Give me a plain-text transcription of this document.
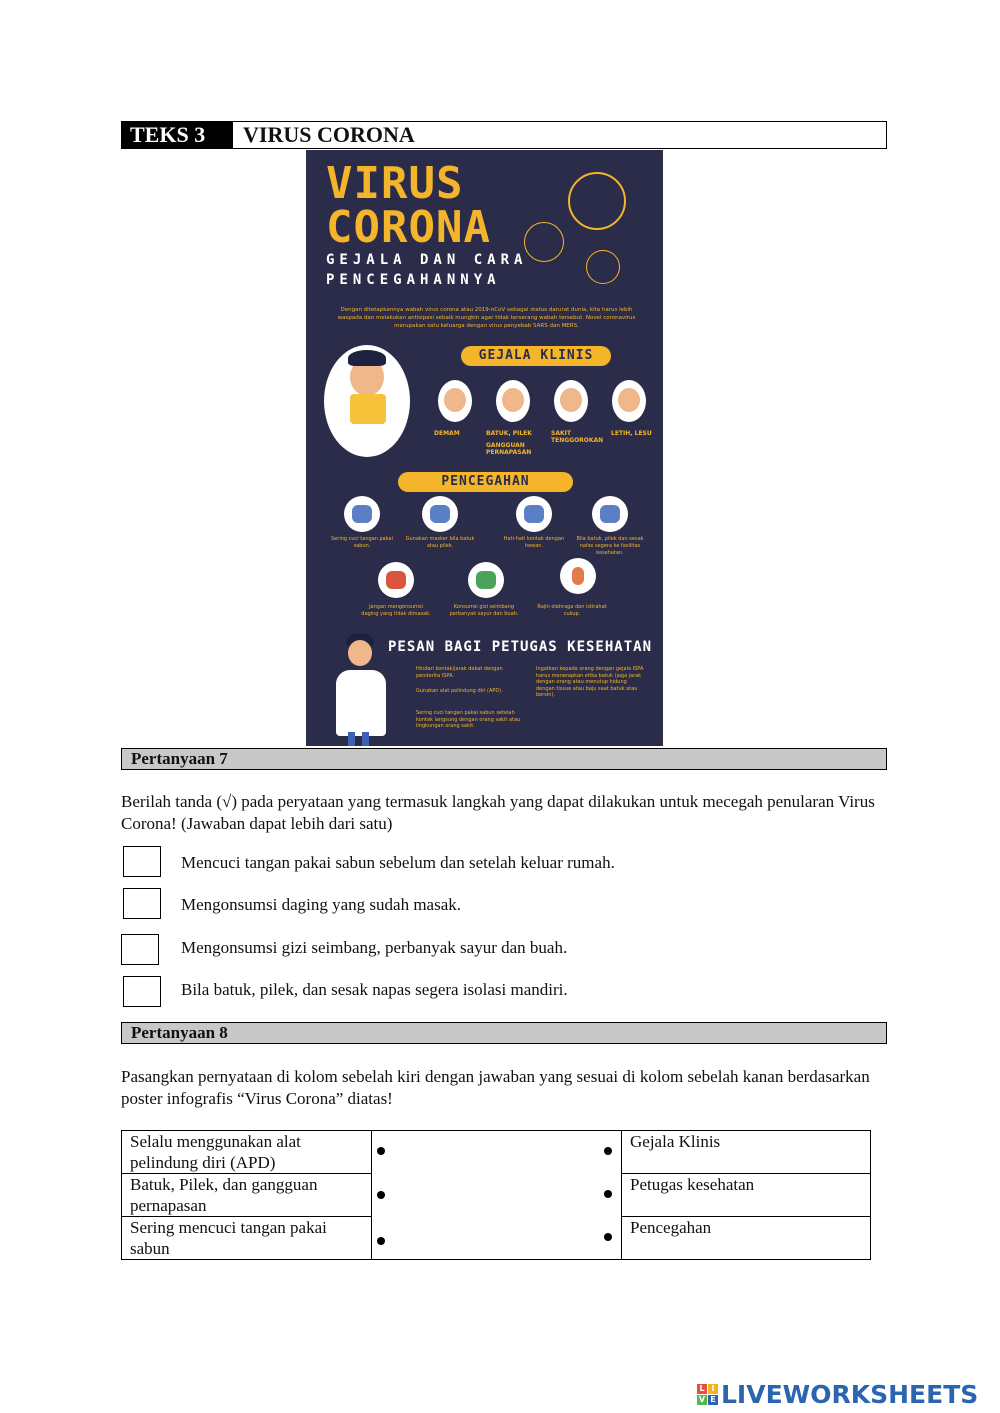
TEKS 3	VIRUS CORONA
VIRUS
CORONA
GEJALA DAN CARA
PENCEGAHANNYA
Dengan ditetapkannya wabah virus corona atau 2019-nCoV sebagai status darurat dunia, kita harus lebih waspada dan melakukan antisipasi sebaik mungkin agar tidak terserang wabah tersebut. Novel coronavirus merupakan satu keluarga dengan virus penyebab SARS dan MERS.
GEJALA KLINIS
DEMAM	BATUK, PILEK
GANGGUAN PERNAPASAN
SAKIT TENGGOROKAN
LETIH, LESU
PENCEGAHAN
Sering cuci tangan pakai sabun.
Gunakan masker bila batuk atau pilek.
Hati-hati kontak dengan hewan.
Bila batuk, pilek dan sesak nafas segera ke fasilitas kesehatan.
Jangan mengonsumsi daging yang tidak dimasak.
Konsumsi gizi seimbang perbanyak sayur dan buah.
Rajin olahraga dan istirahat cukup.
PESAN BAGI PETUGAS KESEHATAN
Hindari kontak/jarak dekat dengan penderita ISPA.
Gunakan alat pelindung diri (APD).
Sering cuci tangan pakai sabun setelah kontak langsung dengan orang sakit atau lingkungan orang sakit.
Ingatkan kepada orang dengan gejala ISPA harus menerapkan etika batuk (jaga jarak dengan orang atau menutup hidung dengan tissue atau baju saat batuk atau bersin).
Pertanyaan 7
Berilah tanda (√) pada peryataan yang termasuk langkah yang dapat dilakukan untuk mecegah penularan Virus Corona! (Jawaban dapat lebih dari satu)
Mencuci tangan pakai sabun sebelum dan setelah keluar rumah.
Mengonsumsi daging yang sudah masak.
Mengonsumsi gizi seimbang, perbanyak sayur dan buah.
Bila batuk, pilek, dan sesak napas segera isolasi mandiri.
Pertanyaan 8
Pasangkan pernyataan di kolom sebelah kiri dengan jawaban yang sesuai di kolom sebelah kanan berdasarkan poster infografis “Virus Corona” diatas!
Selalu menggunakan alat pelindung diri (APD)		Gejala Klinis
Batuk, Pilek, dan gangguan pernapasan		Petugas kesehatan
Sering mencuci tangan pakai sabun		Pencegahan
L I
V E LIVEWORKSHEETS
